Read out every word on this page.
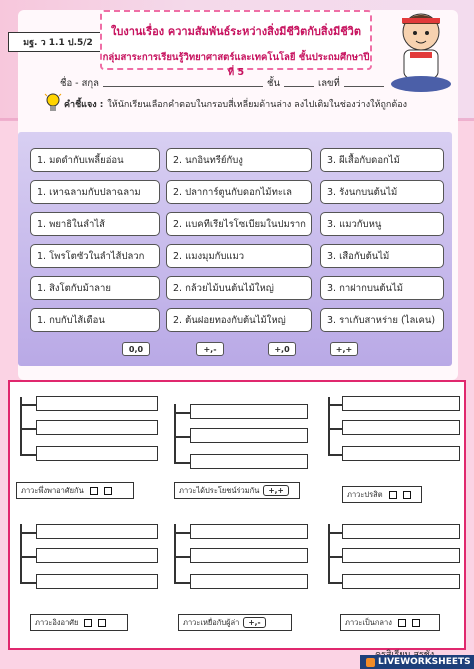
มฐ. ว 1.1 ป.5/2
ใบงานเรื่อง ความสัมพันธ์ระหว่างสิ่งมีชีวิตกับสิ่งมีชีวิต
กลุ่มสาระการเรียนรู้วิทยาศาสตร์และเทคโนโลยี ชั้นประถมศึกษาปีที่ 5
ชื่อ - สกุล	ชั้น	เลขที่
คำชี้แจง : ให้นักเรียนเลือกคำตอบในกรอบสี่เหลี่ยมด้านล่าง ลงไปเติมในช่องว่างให้ถูกต้อง
1. มดดำกับเพลี้ยอ่อน
1. เหาฉลามกับปลาฉลาม
1. พยาธิในลำไส้
1. โพรโตซัวในลำไส้ปลวก
1. สิงโตกับม้าลาย
1. กบกับไส้เดือน
2. นกอินทรีย์กับงู
2. ปลาการ์ตูนกับดอกไม้ทะเล
2. แบคทีเรียไรโซเบียมในปมราก
2. แมงมุมกับแมว
2. กล้วยไม้บนต้นไม้ใหญ่
2. ต้นฝอยทองกับต้นไม้ใหญ่
3. ผีเสื้อกับดอกไม้
3. รังนกบนต้นไม้
3. แมวกับหนู
3. เสือกับต้นไม้
3. กาฝากบนต้นไม้
3. ราเกับสาหร่าย (ไลเคน)
0,0	+,-	+,0	+,+
ภาวะพึ่งพาอาศัยกัน	ภาวะได้ประโยชน์ร่วมกัน	+,+	ภาวะปรสิต
ภาวะอิงอาศัย	ภาวะเหยื่อกับผู้ล่า	+,-	ภาวะเป็นกลาง
LIVEWORKSHEETS
